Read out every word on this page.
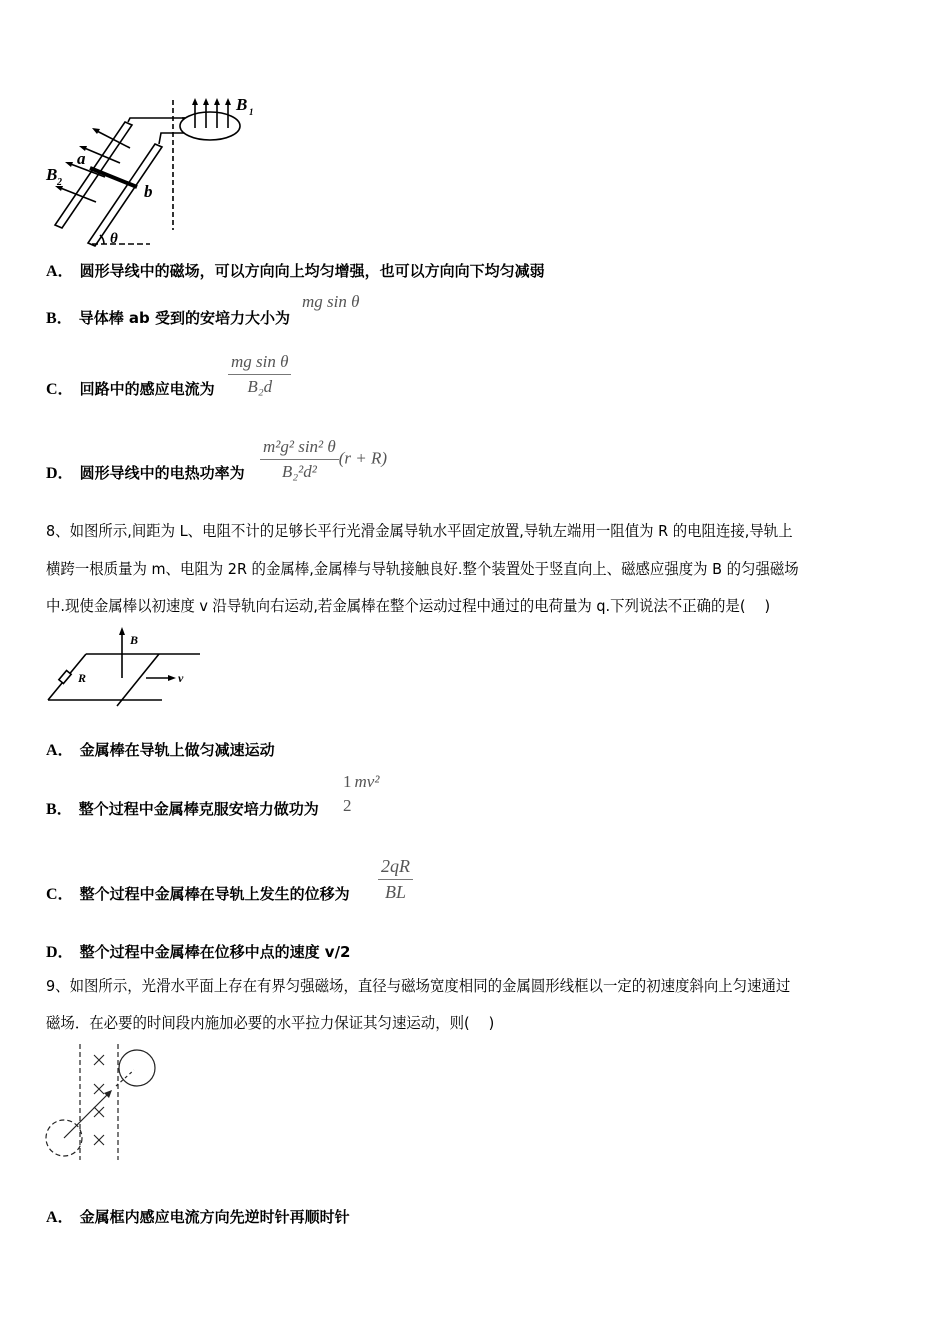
B 1
B 2
a
b
θ
A． 圆形导线中的磁场，可以方向向上均匀增强，也可以方向向下均匀减弱
B． 导体棒 ab 受到的安培力大小为
mg sin θ
C． 回路中的感应电流为 $\frac{\text{mg sin θ}}{\text{B₂d}}$
D． 圆形导线中的电热功率为 $\frac{\text{m²g² sin² θ}}{\text{B₂²d²}} (r + R)$
8、如图所示,间距为 L、电阻不计的足够长平行光滑金属导轨水平固定放置,导轨左端用一阻值为 R 的电阻连接,导轨上
横跨一根质量为 m、电阻为 2R 的金属棒,金属棒与导轨接触良好.整个装置处于竖直向上、磁感应强度为 B 的匀强磁场
中.现使金属棒以初速度 v 沿导轨向右运动,若金属棒在整个运动过程中通过的电荷量为 q.下列说法不正确的是(　 )
B
R	v
A． 金属棒在导轨上做匀减速运动
B． 整个过程中金属棒克服安培力做功为
1
2
mv²
C． 整个过程中金属棒在导轨上发生的位移为 $\frac{2qR}{BL}$
D． 整个过程中金属棒在位移中点的速度 v/2
9、如图所示，光滑水平面上存在有界匀强磁场，直径与磁场宽度相同的金属圆形线框以一定的初速度斜向上匀速通过
磁场．在必要的时间段内施加必要的水平拉力保证其匀速运动，则(　 )
A． 金属框内感应电流方向先逆时针再顺时针
